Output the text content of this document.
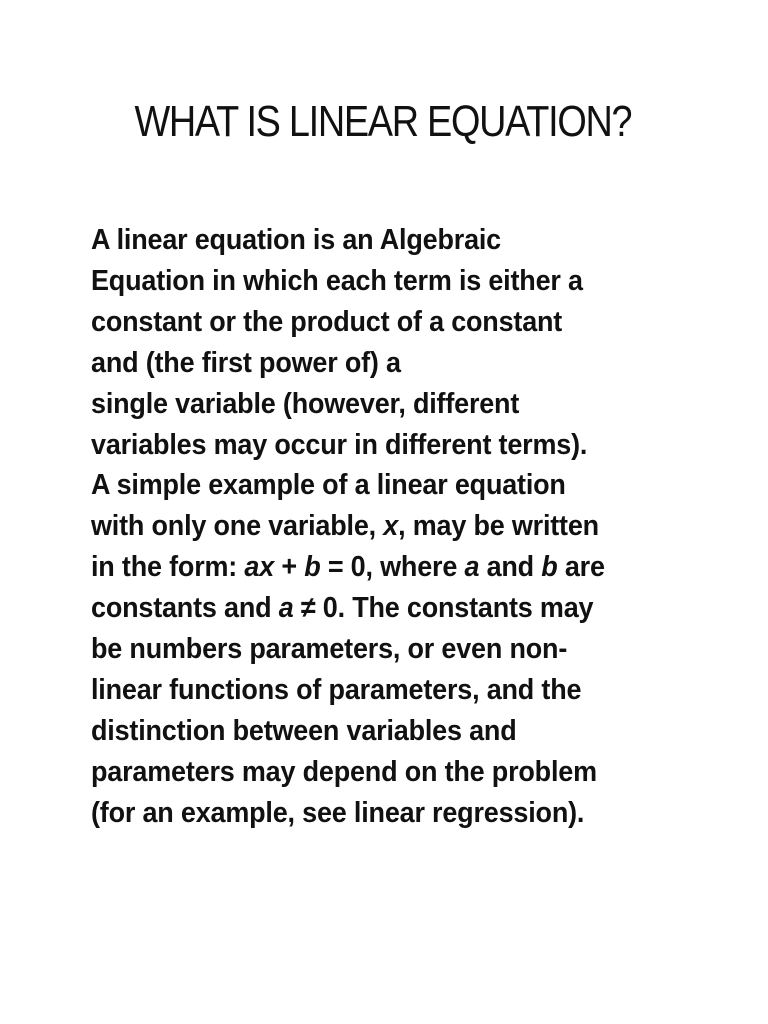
WHAT IS LINEAR EQUATION?
A linear equation is an Algebraic
Equation in which each term is either a
constant or the product of a constant
and (the first power of) a
single variable (however, different
variables may occur in different terms).
A simple example of a linear equation
with only one variable, x, may be written
in the form: ax + b = 0, where a and b are
constants and a ≠ 0. The constants may
be numbers parameters, or even non-
linear functions of parameters, and the
distinction between variables and
parameters may depend on the problem
(for an example, see linear regression).
